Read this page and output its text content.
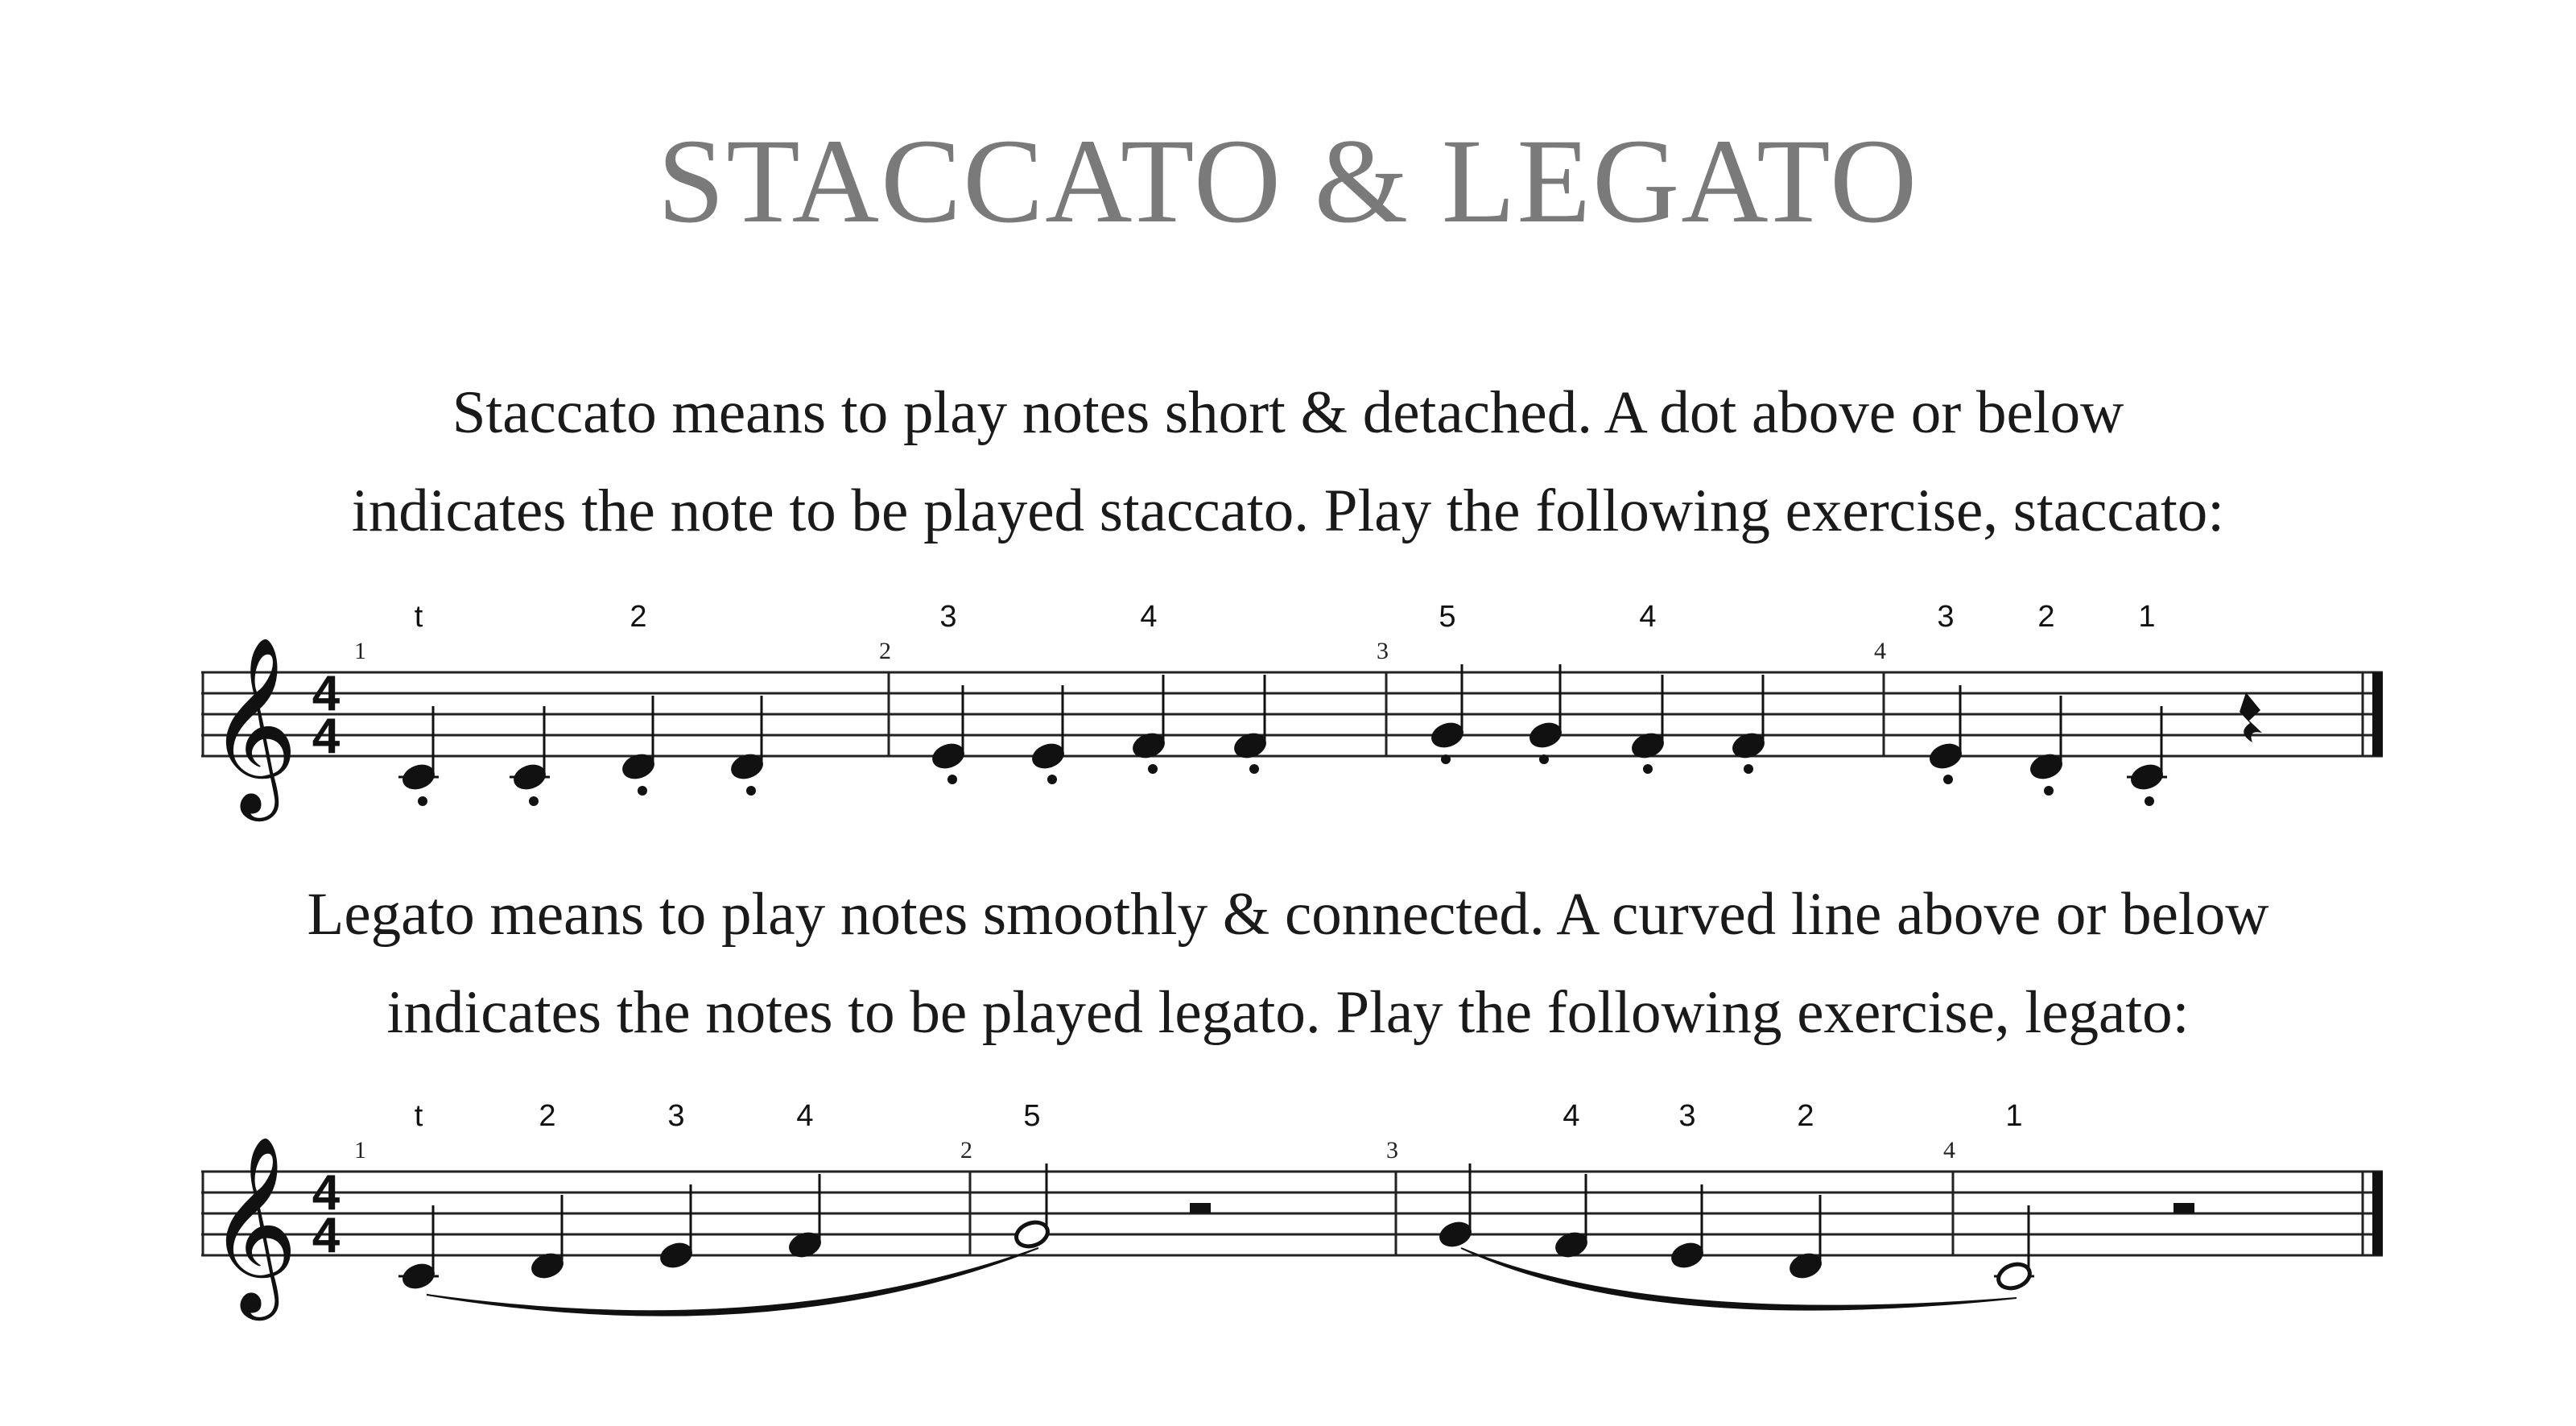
STACCATO & LEGATO
Staccato means to play notes short & detached. A dot above or below
indicates the note to be played staccato. Play the following exercise, staccato:
𝄞 4
4
1	2	3	4
t	2	3	4	5	4	3	2	1
Legato means to play notes smoothly & connected. A curved line above or below
indicates the notes to be played legato. Play the following exercise, legato:
𝄞 4
4
1	2	3	4
t	2	3	4	5	4	3	2	1
